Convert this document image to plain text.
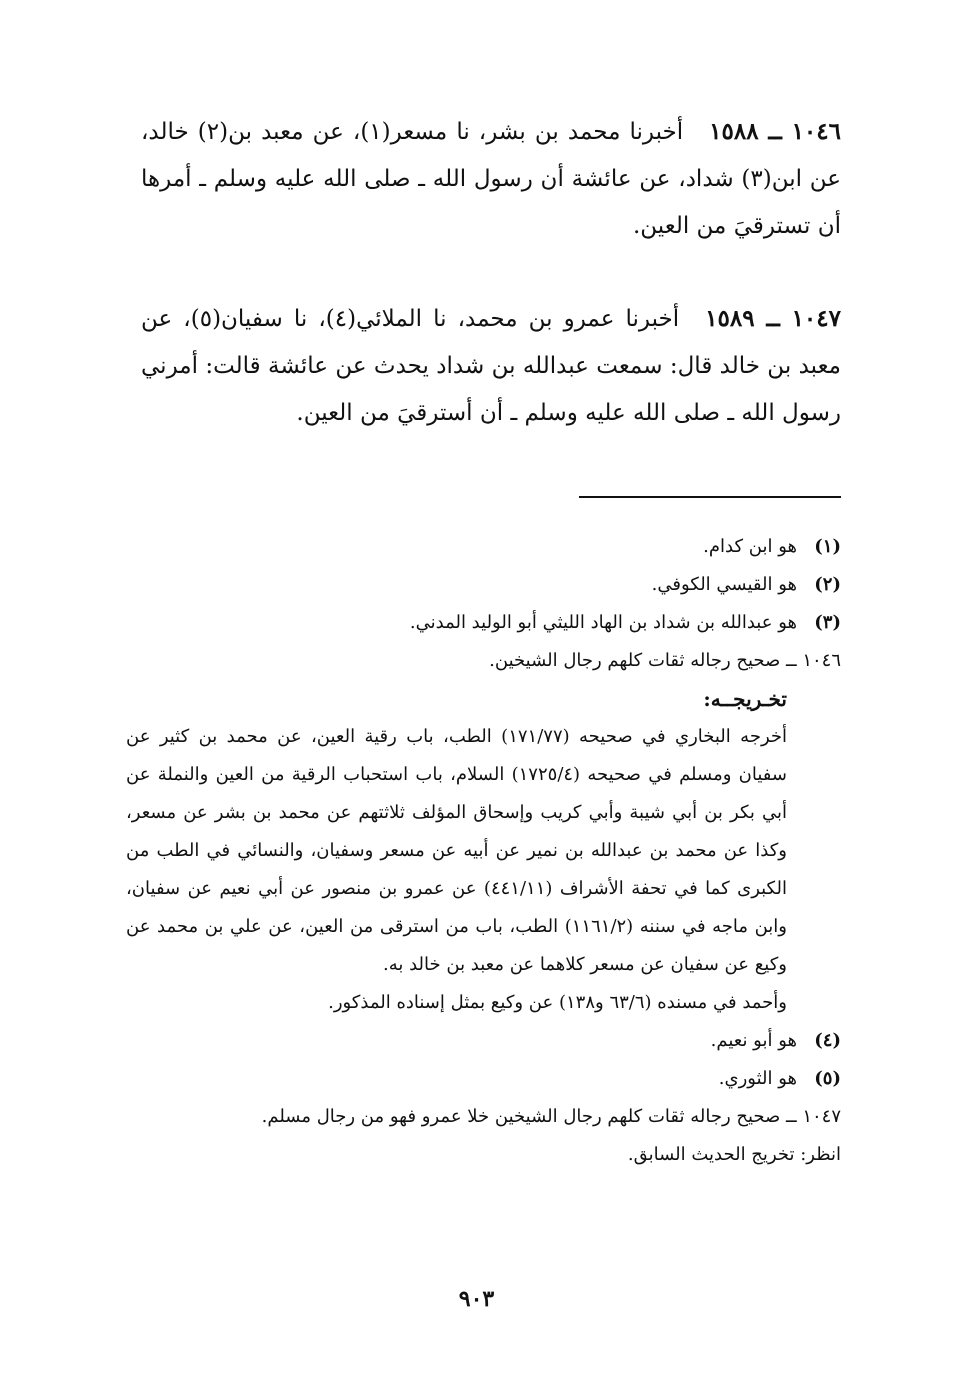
١٠٤٦ ــ ١٥٨٨أخبرنا محمد بن بشر، نا مسعر(١)، عن معبد بن(٢) خالد، عن ابن(٣) شداد، عن عائشة أن رسول الله ـ صلى الله عليه وسلم ـ أمرها أن تسترقيَ من العين.
١٠٤٧ ــ ١٥٨٩أخبرنا عمرو بن محمد، نا الملائي(٤)، نا سفيان(٥)، عن معبد بن خالد قال: سمعت عبدالله بن شداد يحدث عن عائشة قالت: أمرني رسول الله ـ صلى الله عليه وسلم ـ أن أسترقيَ من العين.
(١)هو ابن كدام.
(٢)هو القيسي الكوفي.
(٣)هو عبدالله بن شداد بن الهاد الليثي أبو الوليد المدني.
١٠٤٦ ــ صحيح رجاله ثقات كلهم رجال الشيخين.
تخـريجــه:

أخرجه البخاري في صحيحه (١٧١/٧٧) الطب، باب رقية العين، عن محمد بن كثير عن سفيان ومسلم في صحيحه (١٧٢٥/٤) السلام، باب استحباب الرقية من العين والنملة عن أبي بكر بن أبي شيبة وأبي كريب وإسحاق المؤلف ثلاثتهم عن محمد بن بشر عن مسعر، وكذا عن محمد بن عبدالله بن نمير عن أبيه عن مسعر وسفيان، والنسائي في الطب من الكبرى كما في تحفة الأشراف (٤٤١/١١) عن عمرو بن منصور عن أبي نعيم عن سفيان، وابن ماجه في سننه (١١٦١/٢) الطب، باب من استرقى من العين، عن علي بن محمد عن وكيع عن سفيان عن مسعر كلاهما عن معبد بن خالد به.

وأحمد في مسنده (٦٣/٦ و١٣٨) عن وكيع بمثل إسناده المذكور.

(٤)هو أبو نعيم.
(٥)هو الثوري.
١٠٤٧ ــ صحيح رجاله ثقات كلهم رجال الشيخين خلا عمرو فهو من رجال مسلم.
انظر: تخريج الحديث السابق.
٩٠٣
